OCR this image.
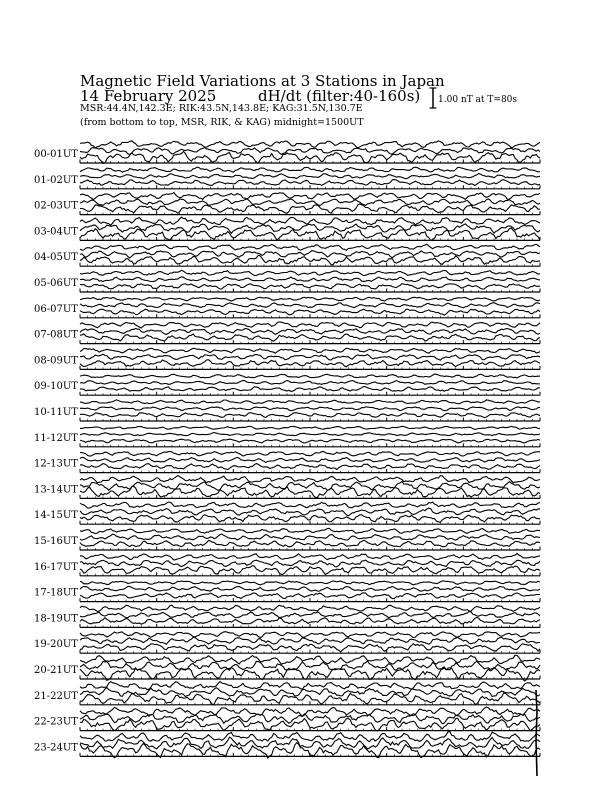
Magnetic Field Variations at 3 Stations in Japan
14 February 2025	dH/dt (filter:40-160s)
MSR:44.4N,142.3E; RIK:43.5N,143.8E; KAG:31.5N,130.7E
(from bottom to top, MSR, RIK, & KAG) midnight=1500UT
1.00 nT at T=80s
00-01UT
01-02UT
02-03UT
03-04UT
04-05UT
05-06UT
06-07UT
07-08UT
08-09UT
09-10UT
10-11UT
11-12UT
12-13UT
13-14UT
14-15UT
15-16UT
16-17UT
17-18UT
18-19UT
19-20UT
20-21UT
21-22UT
22-23UT
23-24UT
